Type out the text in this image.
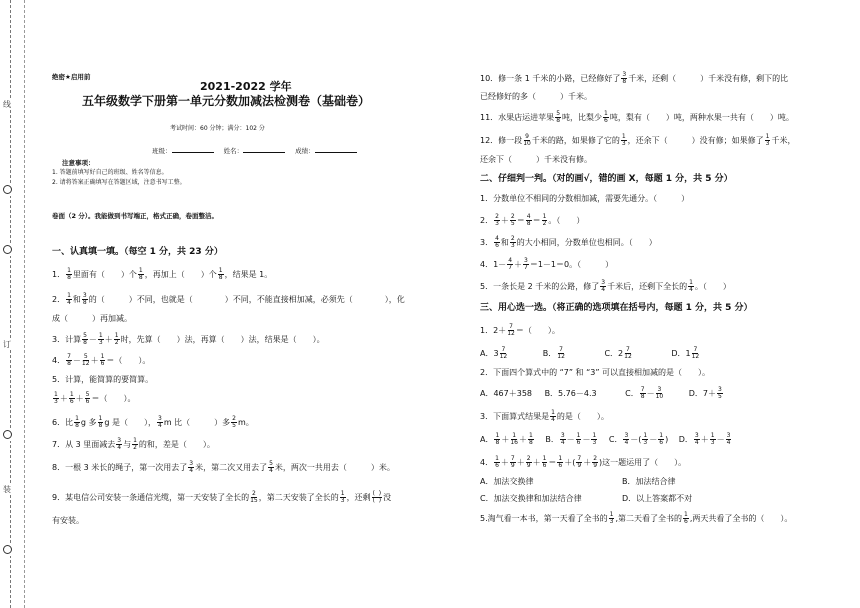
线
订
装
绝密★启用前
2021-2022 学年
五年级数学下册第一单元分数加减法检测卷（基础卷）
考试时间：60 分钟；满分：102 分
班级：	姓名：	成绩：
注意事项：
1. 答题前填写好自己的班级、姓名等信息。
2. 请将答案正确填写在答题区域，注意书写工整。
卷面（2 分）。我能做到书写端正，格式正确，卷面整洁。
一、认真填一填。（每空 1 分，共 23 分）
1． $\frac{1}{8}$ 里面有（　　）个 $\frac{1}{8}$ ，再加上（　　）个 $\frac{1}{8}$ ，结果是 1。
2． $\frac{1}{4}$ 和 $\frac{3}{8}$ 的（　　　）不同，也就是（　　　　）不同，不能直接相加减，必须先（　　　　），化
成（　　　）再加减。
3．计算 $\frac{5}{8} - \frac{1}{3} + \frac{1}{2}$ 时，先算（　　）法，再算（　　）法，结果是（　　）。
4． $\frac{7}{8} - \frac{5}{12} + \frac{1}{6}$ ＝（　　）。
5．计算，能简算的要简算。
$\frac{1}{3} + \frac{1}{6} + \frac{5}{6}$ ＝（　　）。
6．比 $\frac{1}{8}$ g 多 $\frac{1}{8}$ g 是（　　）， $\frac{3}{4}$ m 比（　　　）多 $\frac{2}{5}$ m。
7．从 3 里面减去 $\frac{3}{4}$ 与 $\frac{1}{2}$ 的和，差是（　　）。
8．一根 3 米长的绳子，第一次用去了 $\frac{3}{4}$ 米，第二次又用去了 $\frac{5}{4}$ 米，两次一共用去（　　　）米。
9．某电信公司安装一条通信光缆，第一天安装了全长的 $\frac{2}{15}$ ，第二天安装了全长的 $\frac{1}{3}$ ，还剩 (  )
(  ) 没
有安装。
10．修一条 1 千米的小路，已经修好了 $\frac{3}{8}$ 千米，还剩（　　　）千米没有修，剩下的比
已经修好的多（　　　）千米。
11．水果店运进苹果 $\frac{5}{8}$ 吨，比梨少 $\frac{1}{6}$ 吨，梨有（　　）吨，两种水果一共有（　　）吨。
12．修一段 $\frac{9}{10}$ 千米的路，如果修了它的 $\frac{1}{3}$ ，还余下（　　　）没有修；如果修了 $\frac{1}{3}$ 千米，
还余下（　　　）千米没有修。
二、仔细判一判。（对的画√，错的画 X，每题 1 分，共 5 分）
1．分数单位不相同的分数相加减，需要先通分。（　　　）
2． $\frac{2}{3} + \frac{2}{5} = \frac{4}{8} = \frac{1}{2}$ 。（　　）
3． $\frac{4}{6}$ 和 $\frac{2}{3}$ 的大小相同，分数单位也相同。（　　）
4．$1- \frac{4}{7} + \frac{3}{7} =1-1=0$。（　　　）
5．一条长是 2 千米的公路，修了 $\frac{3}{4}$ 千米后，还剩下全长的 $\frac{1}{4}$ 。（　　）
三、用心选一选。（将正确的选项填在括号内，每题 1 分，共 5 分）
1．$2+ \frac{7}{12}$ ＝（　　）。
A．$3 \frac{7}{12}$	B． $\frac{7}{12}$	C．$2 \frac{7}{12}$	D．$1 \frac{7}{12}$
2．下面四个算式中的 “7” 和 “3” 可以直接相加减的是（　　）。
A．467＋358 B．5.76－4.3	C． $\frac{7}{8} - \frac{3}{10}$	D．$7+ \frac{3}{5}$
3．下面算式结果是 $\frac{1}{4}$ 的是（　　）。
A． $\frac{1}{8} + \frac{1}{16} + \frac{1}{8}$ B． $\frac{3}{4} - \frac{1}{6} - \frac{1}{3}$ C． $\frac{3}{4}$ －( $\frac{1}{3} - \frac{1}{6}$ ) D． $\frac{3}{4} + \frac{1}{3} - \frac{3}{4}$
4． $\frac{1}{6} + \frac{7}{9} + \frac{2}{9} + \frac{1}{6} = \frac{1}{6}$ ＋( $\frac{7}{9} + \frac{2}{9}$ )这一题运用了（　　）。
A．加法交换律	B．加法结合律
C．加法交换律和加法结合律	D．以上答案都不对
5.淘气看一本书，第一天看了全书的 $\frac{1}{3}$ ,第二天看了全书的 $\frac{1}{6}$ ,两天共看了全书的（　　）。
